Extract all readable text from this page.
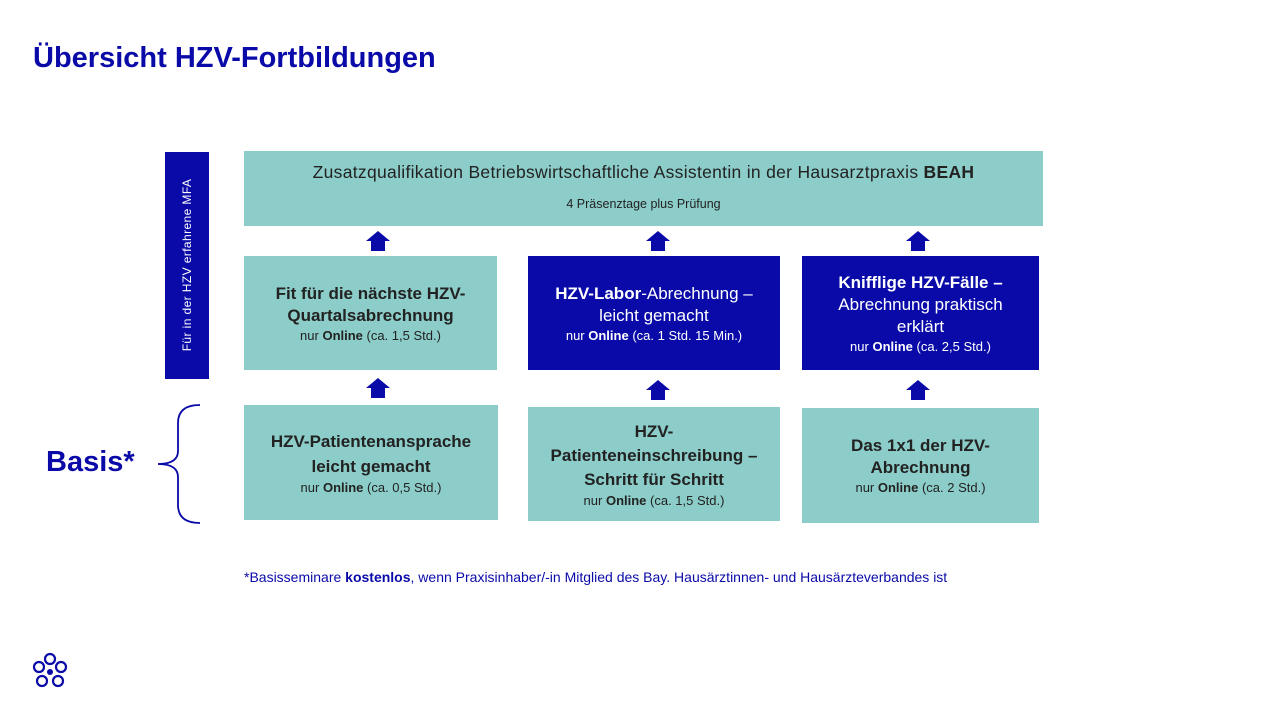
Übersicht HZV-Fortbildungen
Für in der HZV erfahrene MFA
Zusatzqualifikation Betriebswirtschaftliche Assistentin in der Hausarztpraxis BEAH
4 Präsenztage plus Prüfung
Fit für die nächste HZV-
Quartalsabrechnung
nur Online (ca. 1,5 Std.)
HZV-Labor-Abrechnung –
leicht gemacht
nur Online (ca. 1 Std. 15 Min.)
Knifflige HZV-Fälle –
Abrechnung praktisch
erklärt
nur Online (ca. 2,5 Std.)
HZV-Patientenansprache
leicht gemacht
nur Online (ca. 0,5 Std.)
HZV-
Patienteneinschreibung –
Schritt für Schritt
nur Online (ca. 1,5 Std.)
Das 1x1 der HZV-
Abrechnung
nur Online (ca. 2 Std.)
Basis*
*Basisseminare kostenlos, wenn Praxisinhaber/-in Mitglied des Bay. Hausärztinnen- und Hausärzteverbandes ist
